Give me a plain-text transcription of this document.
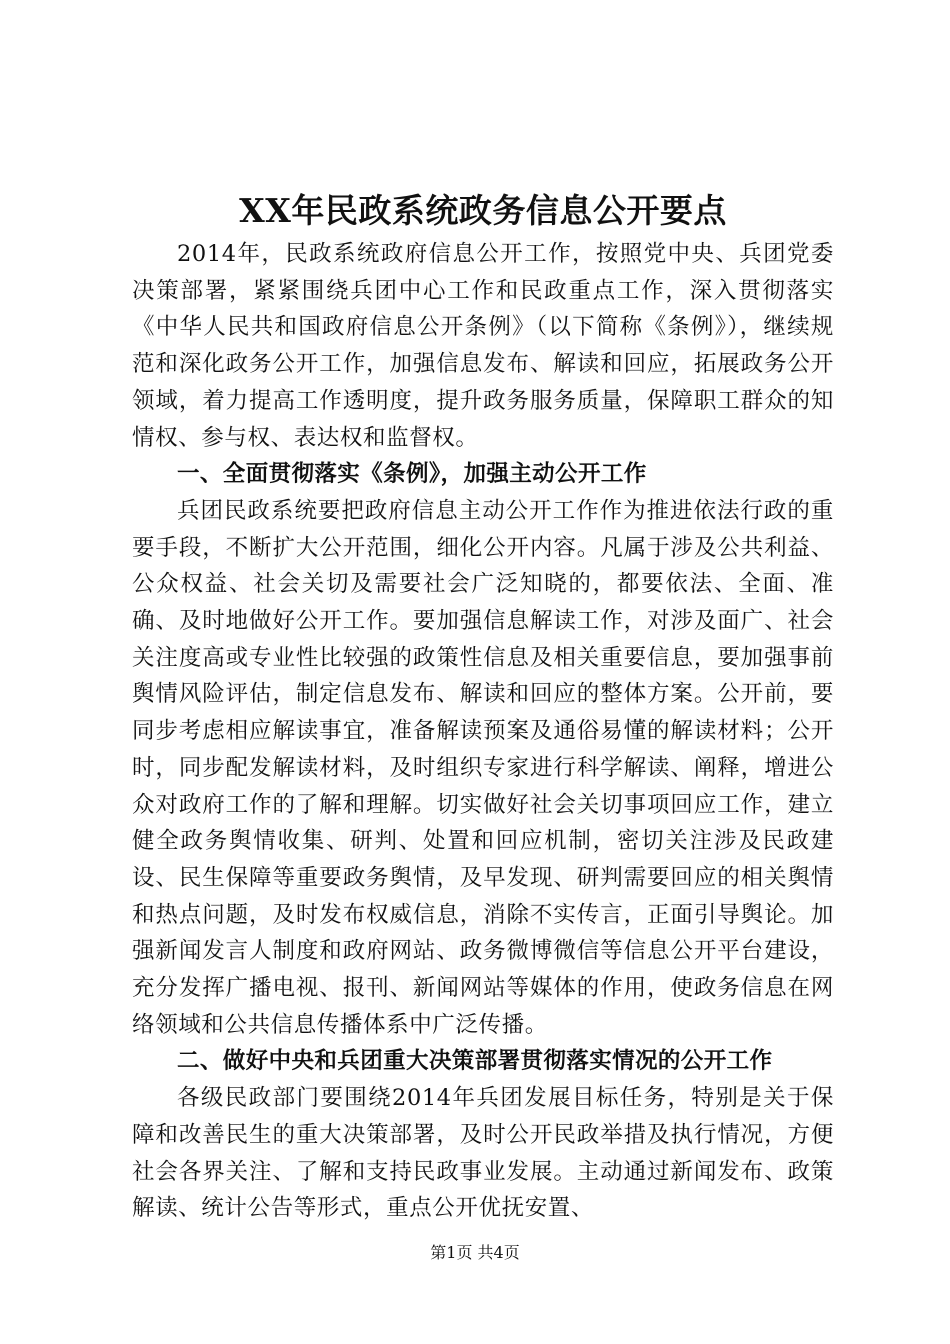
XX年民政系统政务信息公开要点

2014年，民政系统政府信息公开工作，按照党中央、兵团党委决策部署，紧紧围绕兵团中心工作和民政重点工作，深入贯彻落实《中华人民共和国政府信息公开条例》（以下简称《条例》），继续规范和深化政务公开工作，加强信息发布、解读和回应，拓展政务公开领域，着力提高工作透明度，提升政务服务质量，保障职工群众的知情权、参与权、表达权和监督权。

一、全面贯彻落实《条例》，加强主动公开工作

兵团民政系统要把政府信息主动公开工作作为推进依法行政的重要手段，不断扩大公开范围，细化公开内容。凡属于涉及公共利益、公众权益、社会关切及需要社会广泛知晓的，都要依法、全面、准确、及时地做好公开工作。要加强信息解读工作，对涉及面广、社会关注度高或专业性比较强的政策性信息及相关重要信息，要加强事前舆情风险评估，制定信息发布、解读和回应的整体方案。公开前，要同步考虑相应解读事宜，准备解读预案及通俗易懂的解读材料；公开时，同步配发解读材料，及时组织专家进行科学解读、阐释，增进公众对政府工作的了解和理解。切实做好社会关切事项回应工作，建立健全政务舆情收集、研判、处置和回应机制，密切关注涉及民政建设、民生保障等重要政务舆情，及早发现、研判需要回应的相关舆情和热点问题，及时发布权威信息，消除不实传言，正面引导舆论。加强新闻发言人制度和政府网站、政务微博微信等信息公开平台建设，充分发挥广播电视、报刊、新闻网站等媒体的作用，使政务信息在网络领域和公共信息传播体系中广泛传播。

二、做好中央和兵团重大决策部署贯彻落实情况的公开工作

各级民政部门要围绕2014年兵团发展目标任务，特别是关于保障和改善民生的重大决策部署，及时公开民政举措及执行情况，方便社会各界关注、了解和支持民政事业发展。主动通过新闻发布、政策解读、统计公告等形式，重点公开优抚安置、

第1页 共4页
